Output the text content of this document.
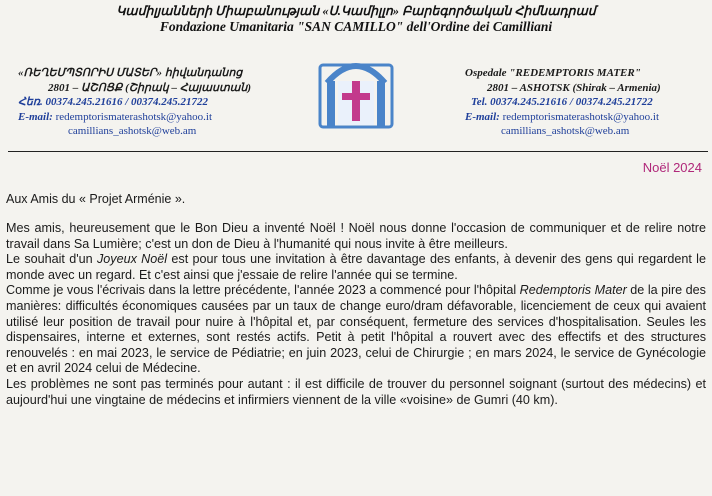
Կամիլյանների Միաբանության «Ս.Կամիլլո» Բարեգործական Հիմնադրամ
Fondazione Umanitaria "SAN CAMILLO" dell'Ordine dei Camilliani
«ՌԵՂԵՄՊՏՈՐԻՍ ՄԱՏԵՐ» հիվանդանոց
2801 – ԱՇՈՑՔ (Շիրակ – Հայաստան)
Հեռ. 00374.245.21616 / 00374.245.21722
E-mail: redemptorismaterashotsk@yahoo.it
camillians_ashotsk@web.am
Ospedale "REDEMPTORIS MATER"
2801 – ASHOTSK (Shirak – Armenia)
Tel. 00374.245.21616 / 00374.245.21722
E-mail: redemptorismaterashotsk@yahoo.it
camillians_ashotsk@web.am
Noël 2024
Aux Amis du « Projet Arménie ».

Mes amis, heureusement que le Bon Dieu a inventé Noël ! Noël nous donne l'occasion de communiquer et de relire notre travail dans Sa Lumière; c'est un don de Dieu à l'humanité qui nous invite à être meilleurs.

Le souhait d'un Joyeux Noël est pour tous une invitation à être davantage des enfants, à devenir des gens qui regardent le monde avec un regard. Et c'est ainsi que j'essaie de relire l'année qui se termine.

Comme je vous l'écrivais dans la lettre précédente, l'année 2023 a commencé pour l'hôpital Redemptoris Mater de la pire des manières: difficultés économiques causées par un taux de change euro/dram défavorable, licenciement de ceux qui avaient utilisé leur position de travail pour nuire à l'hôpital et, par conséquent, fermeture des services d'hospitalisation. Seules les dispensaires, interne et externes, sont restés actifs. Petit à petit l'hôpital a rouvert avec des effectifs et des structures renouvelés : en mai 2023, le service de Pédiatrie; en juin 2023, celui de Chirurgie ; en mars 2024, le service de Gynécologie et en avril 2024 celui de Médecine.

Les problèmes ne sont pas terminés pour autant : il est difficile de trouver du personnel soignant (surtout des médecins) et aujourd'hui une vingtaine de médecins et infirmiers viennent de la ville «voisine» de Gumri (40 km).
